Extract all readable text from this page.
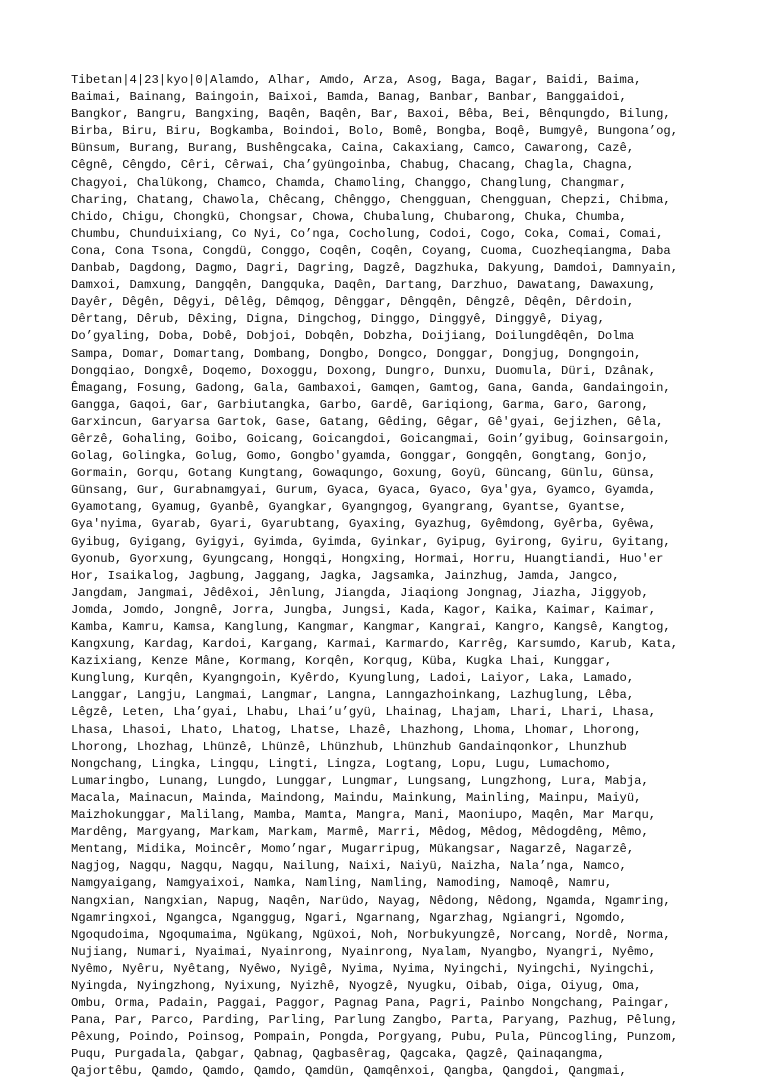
Tibetan|4|23|kyo|0|Alamdo, Alhar, Amdo, Arza, Asog, Baga, Bagar, Baidi, Baima,
Baimai, Bainang, Baingoin, Baixoi, Bamda, Banag, Banbar, Banbar, Banggaidoi,
Bangkor, Bangru, Bangxing, Baqên, Baqên, Bar, Baxoi, Bêba, Bei, Bênqungdo, Bilung,
Birba, Biru, Biru, Bogkamba, Boindoi, Bolo, Bomê, Bongba, Boqê, Bumgyê, Bungona’og,
Bünsum, Burang, Burang, Bushêngcaka, Caina, Cakaxiang, Camco, Cawarong, Cazê,
Cêgnê, Cêngdo, Cêri, Cêrwai, Cha’gyüngoinba, Chabug, Chacang, Chagla, Chagna,
Chagyoi, Chalükong, Chamco, Chamda, Chamoling, Changgo, Changlung, Changmar,
Charing, Chatang, Chawola, Chêcang, Chênggo, Chengguan, Chengguan, Chepzi, Chibma,
Chido, Chigu, Chongkü, Chongsar, Chowa, Chubalung, Chubarong, Chuka, Chumba,
Chumbu, Chunduixiang, Co Nyi, Co’nga, Cocholung, Codoi, Cogo, Coka, Comai, Comai,
Cona, Cona Tsona, Congdü, Conggo, Coqên, Coqên, Coyang, Cuoma, Cuozheqiangma, Daba
Danbab, Dagdong, Dagmo, Dagri, Dagring, Dagzê, Dagzhuka, Dakyung, Damdoi, Damnyain,
Damxoi, Damxung, Dangqên, Dangquka, Daqên, Dartang, Darzhuo, Dawatang, Dawaxung,
Dayêr, Dêgên, Dêgyi, Dêlêg, Dêmqog, Dênggar, Dêngqên, Dêngzê, Dêqên, Dêrdoin,
Dêrtang, Dêrub, Dêxing, Digna, Dingchog, Dinggo, Dinggyê, Dinggyê, Diyag,
Do’gyaling, Doba, Dobê, Dobjoi, Dobqên, Dobzha, Doijiang, Doilungdêqên, Dolma
Sampa, Domar, Domartang, Dombang, Dongbo, Dongco, Donggar, Dongjug, Dongngoin,
Dongqiao, Dongxê, Doqemo, Doxoggu, Doxong, Dungro, Dunxu, Duomula, Düri, Dzânak,
Êmagang, Fosung, Gadong, Gala, Gambaxoi, Gamqen, Gamtog, Gana, Ganda, Gandaingoin,
Gangga, Gaqoi, Gar, Garbiutangka, Garbo, Gardê, Gariqiong, Garma, Garo, Garong,
Garxincun, Garyarsa Gartok, Gase, Gatang, Gêding, Gêgar, Gê'gyai, Gejizhen, Gêla,
Gêrzê, Gohaling, Goibo, Goicang, Goicangdoi, Goicangmai, Goin’gyibug, Goinsargoin,
Golag, Golingka, Golug, Gomo, Gongbo'gyamda, Gonggar, Gongqên, Gongtang, Gonjo,
Gormain, Gorqu, Gotang Kungtang, Gowaqungo, Goxung, Goyü, Güncang, Günlu, Günsa,
Günsang, Gur, Gurabnamgyai, Gurum, Gyaca, Gyaca, Gyaco, Gya'gya, Gyamco, Gyamda,
Gyamotang, Gyamug, Gyanbê, Gyangkar, Gyangngog, Gyangrang, Gyantse, Gyantse,
Gya'nyima, Gyarab, Gyari, Gyarubtang, Gyaxing, Gyazhug, Gyêmdong, Gyêrba, Gyêwa,
Gyibug, Gyigang, Gyigyi, Gyimda, Gyimda, Gyinkar, Gyipug, Gyirong, Gyiru, Gyitang,
Gyonub, Gyorxung, Gyungcang, Hongqi, Hongxing, Hormai, Horru, Huangtiandi, Huo'er
Hor, Isaikalog, Jagbung, Jaggang, Jagka, Jagsamka, Jainzhug, Jamda, Jangco,
Jangdam, Jangmai, Jêdêxoi, Jênlung, Jiangda, Jiaqiong Jongnag, Jiazha, Jiggyob,
Jomda, Jomdo, Jongnê, Jorra, Jungba, Jungsi, Kada, Kagor, Kaika, Kaimar, Kaimar,
Kamba, Kamru, Kamsa, Kanglung, Kangmar, Kangmar, Kangrai, Kangro, Kangsê, Kangtog,
Kangxung, Kardag, Kardoi, Kargang, Karmai, Karmardo, Karrêg, Karsumdo, Karub, Kata,
Kazixiang, Kenze Mâne, Kormang, Korqên, Korqug, Küba, Kugka Lhai, Kunggar,
Kunglung, Kurqên, Kyangngoin, Kyêrdo, Kyunglung, Ladoi, Laiyor, Laka, Lamado,
Langgar, Langju, Langmai, Langmar, Langna, Lanngazhoinkang, Lazhuglung, Lêba,
Lêgzê, Leten, Lha’gyai, Lhabu, Lhai’u’gyü, Lhainag, Lhajam, Lhari, Lhari, Lhasa,
Lhasa, Lhasoi, Lhato, Lhatog, Lhatse, Lhazê, Lhazhong, Lhoma, Lhomar, Lhorong,
Lhorong, Lhozhag, Lhünzê, Lhünzê, Lhünzhub, Lhünzhub Gandainqonkor, Lhunzhub
Nongchang, Lingka, Lingqu, Lingti, Lingza, Logtang, Lopu, Lugu, Lumachomo,
Lumaringbo, Lunang, Lungdo, Lunggar, Lungmar, Lungsang, Lungzhong, Lura, Mabja,
Macala, Mainacun, Mainda, Maindong, Maindu, Mainkung, Mainling, Mainpu, Maiyü,
Maizhokunggar, Malilang, Mamba, Mamta, Mangra, Mani, Maoniupo, Maqên, Mar Marqu,
Mardêng, Margyang, Markam, Markam, Marmê, Marri, Mêdog, Mêdog, Mêdogdêng, Mêmo,
Mentang, Midika, Moincêr, Momo’ngar, Mugarripug, Mükangsar, Nagarzê, Nagarzê,
Nagjog, Nagqu, Nagqu, Nagqu, Nailung, Naixi, Naiyü, Naizha, Nala’nga, Namco,
Namgyaigang, Namgyaixoi, Namka, Namling, Namling, Namoding, Namoqê, Namru,
Nangxian, Nangxian, Napug, Naqên, Narüdo, Nayag, Nêdong, Nêdong, Ngamda, Ngamring,
Ngamringxoi, Ngangca, Nganggug, Ngari, Ngarnang, Ngarzhag, Ngiangri, Ngomdo,
Ngoqudoima, Ngoqumaima, Ngükang, Ngüxoi, Noh, Norbukyungzê, Norcang, Nordê, Norma,
Nujiang, Numari, Nyaimai, Nyainrong, Nyainrong, Nyalam, Nyangbo, Nyangri, Nyêmo,
Nyêmo, Nyêru, Nyêtang, Nyêwo, Nyigê, Nyima, Nyima, Nyingchi, Nyingchi, Nyingchi,
Nyingda, Nyingzhong, Nyixung, Nyizhê, Nyogzê, Nyugku, Oibab, Oiga, Oiyug, Oma,
Ombu, Orma, Padain, Paggai, Paggor, Pagnag Pana, Pagri, Painbo Nongchang, Paingar,
Pana, Par, Parco, Parding, Parling, Parlung Zangbo, Parta, Paryang, Pazhug, Pêlung,
Pêxung, Poindo, Poinsog, Pompain, Pongda, Porgyang, Pubu, Pula, Püncogling, Punzom,
Puqu, Purgadala, Qabgar, Qabnag, Qagbasêrag, Qagcaka, Qagzê, Qainaqangma,
Qajortêbu, Qamdo, Qamdo, Qamdo, Qamdün, Qamqênxoi, Qangba, Qangdoi, Qangmai,
